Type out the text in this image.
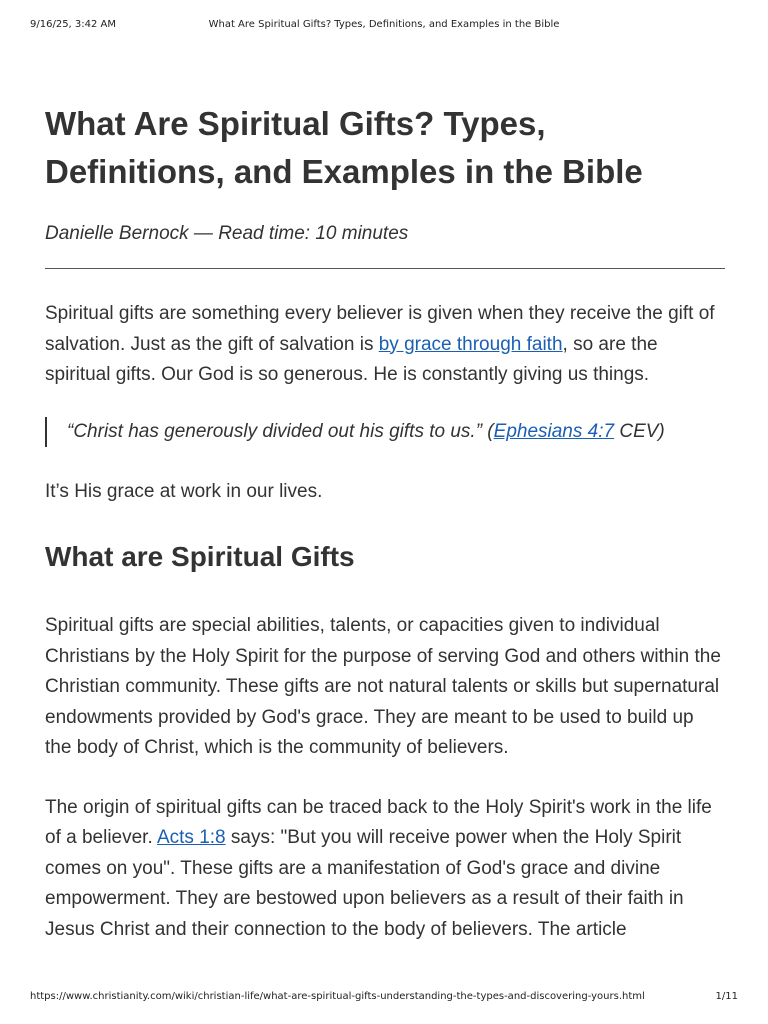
9/16/25, 3:42 AM	What Are Spiritual Gifts? Types, Definitions, and Examples in the Bible
What Are Spiritual Gifts? Types, Definitions, and Examples in the Bible
Danielle Bernock — Read time: 10 minutes

Spiritual gifts are something every believer is given when they receive the gift of salvation. Just as the gift of salvation is by grace through faith, so are the spiritual gifts. Our God is so generous. He is constantly giving us things.

“Christ has generously divided out his gifts to us.” (Ephesians 4:7 CEV)

It’s His grace at work in our lives.

What are Spiritual Gifts

Spiritual gifts are special abilities, talents, or capacities given to individual Christians by the Holy Spirit for the purpose of serving God and others within the Christian community. These gifts are not natural talents or skills but supernatural endowments provided by God's grace. They are meant to be used to build up the body of Christ, which is the community of believers.

The origin of spiritual gifts can be traced back to the Holy Spirit's work in the life of a believer. Acts 1:8 says: "But you will receive power when the Holy Spirit comes on you". These gifts are a manifestation of God's grace and divine empowerment. They are bestowed upon believers as a result of their faith in Jesus Christ and their connection to the body of believers. The article

https://www.christianity.com/wiki/christian-life/what-are-spiritual-gifts-understanding-the-types-and-discovering-yours.html	1/11
